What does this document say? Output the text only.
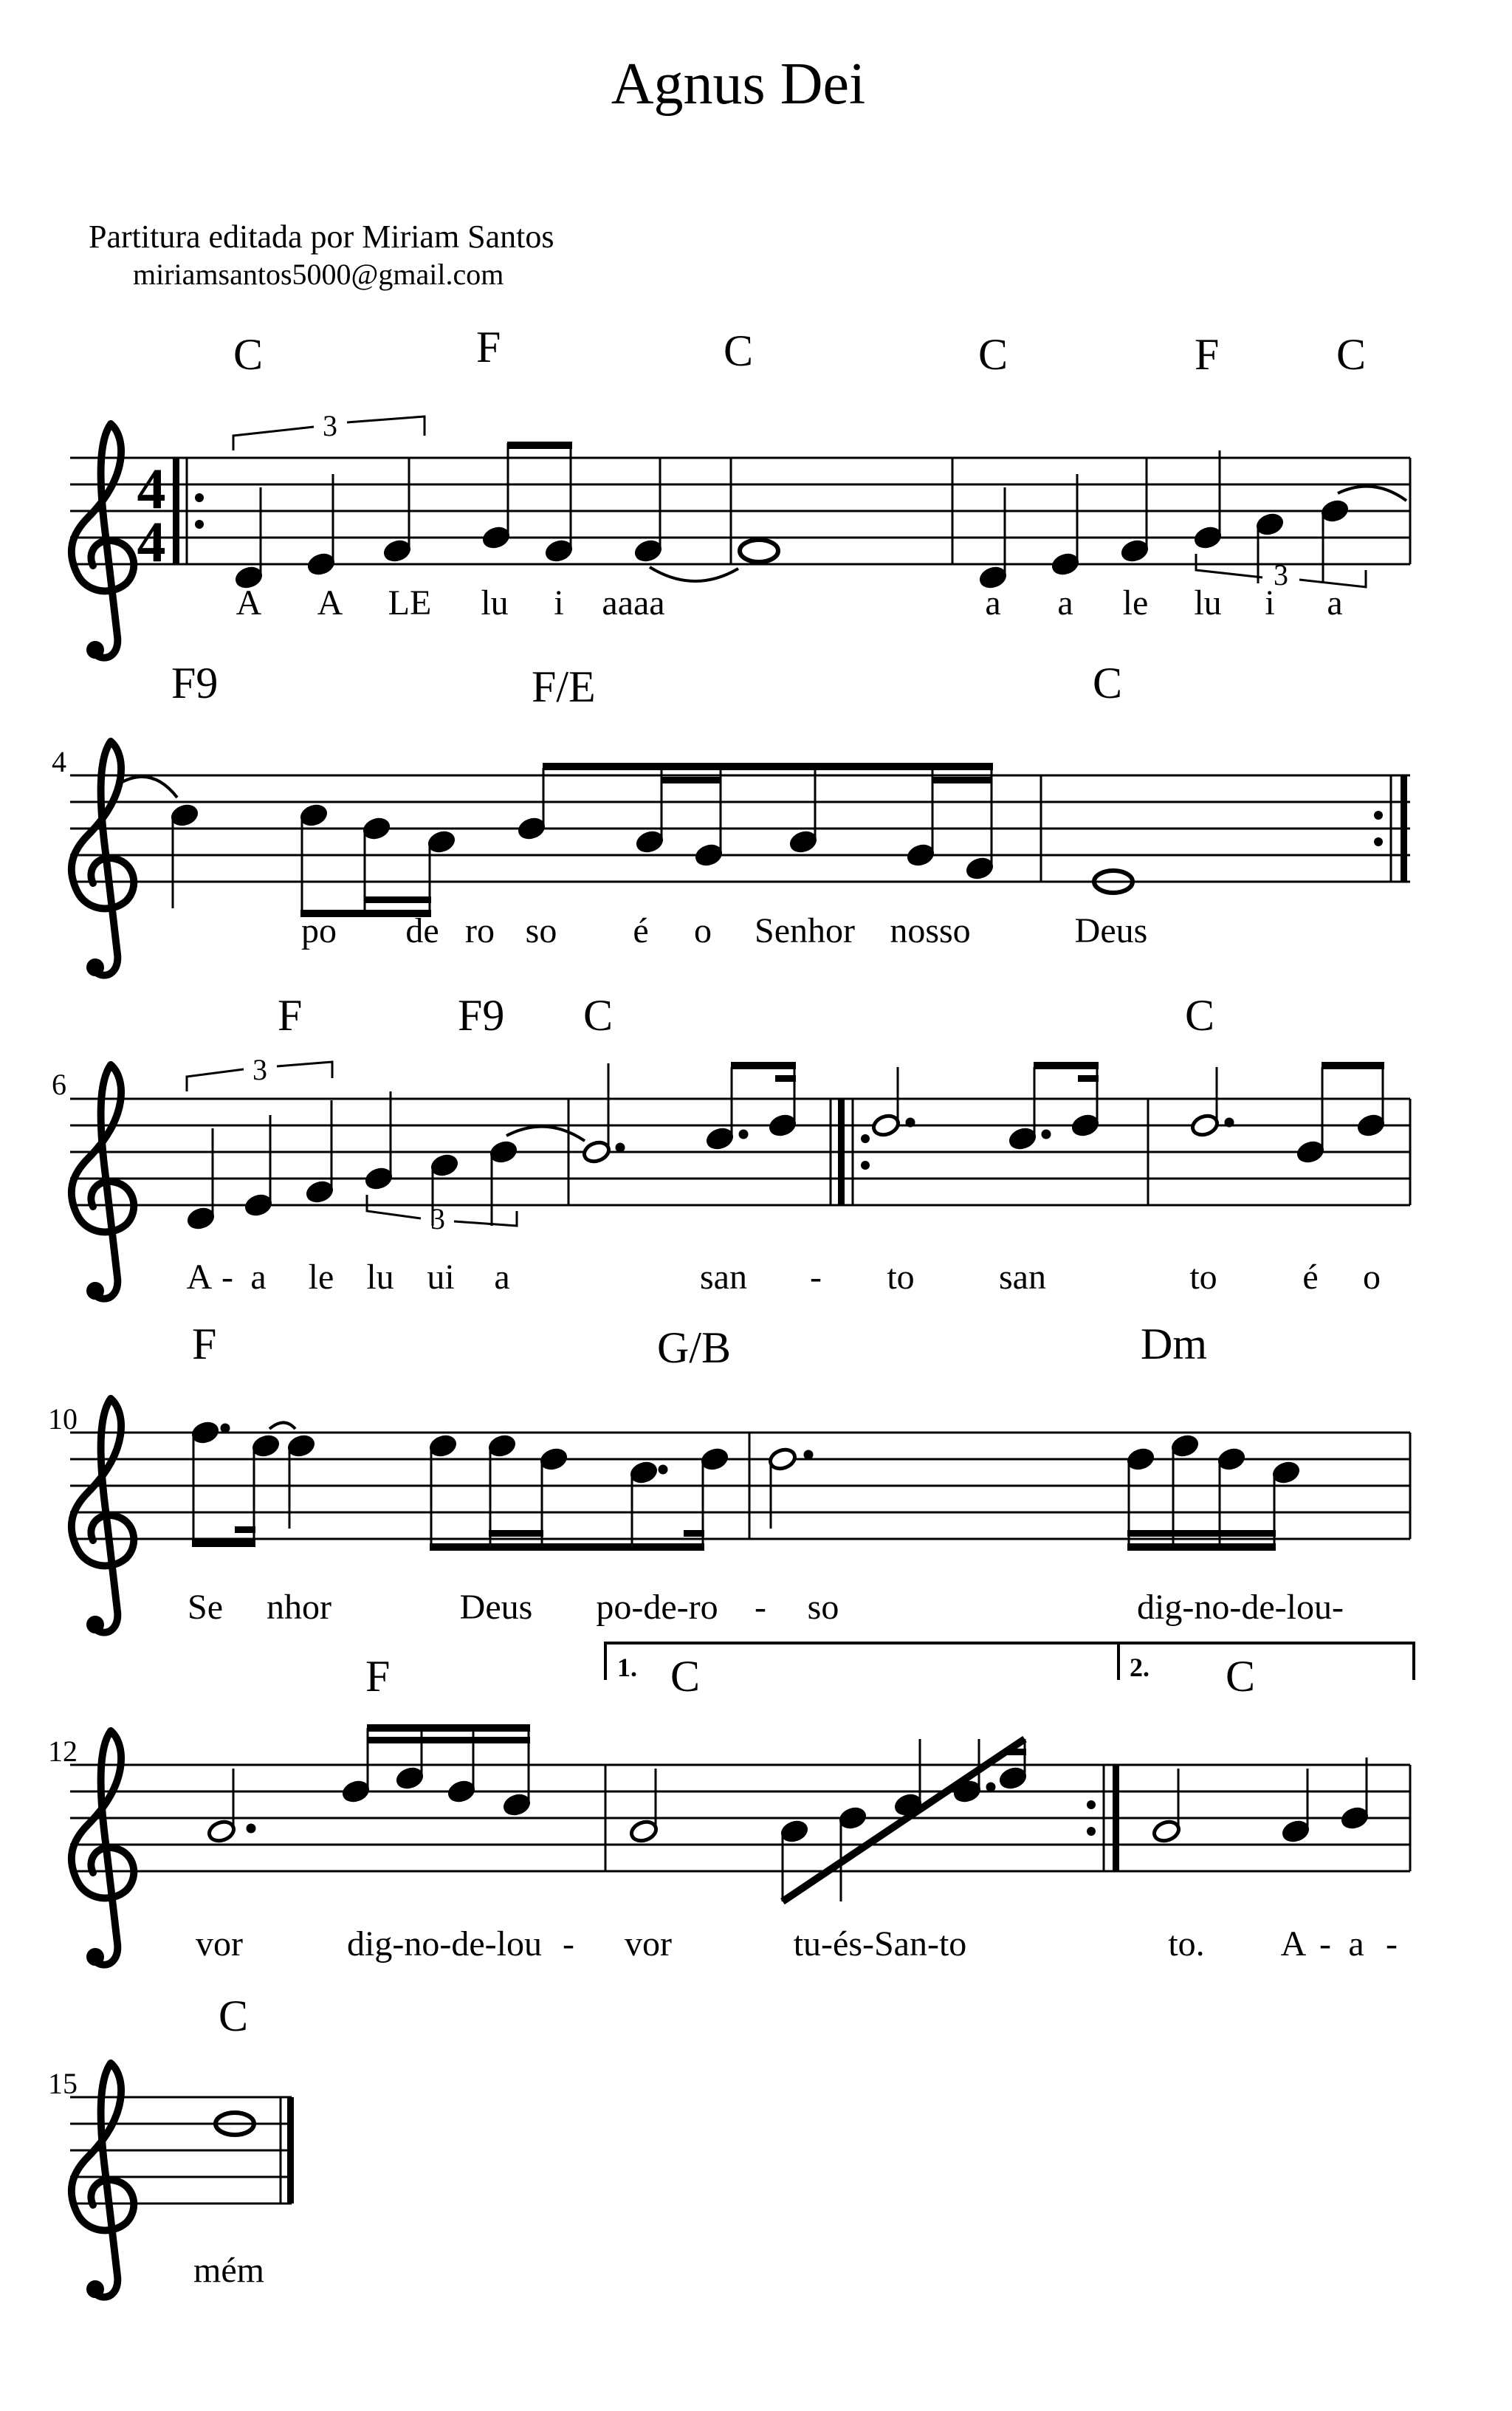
Agnus Dei
Partitura editada por Miriam Santos
miriamsantos5000@gmail.com
C	F	C	C	F	C
4
4
3
3
A A LE lu i aaaa	a a le lu i a
F9	F/E	C
4
po de ro so é o Senhor nosso	Deus
F	F9 C	C
6	3
3
A - a le lu ui a	san - to san	to é o
F	G/B	Dm
10
Se nhor	Deus po-de-ro - so	dig-no-de-lou-
F	1. C	2. C
12
vor	dig-no-de-lou - vor	tu-és-San-to	to. A - a -
C
15
mém
